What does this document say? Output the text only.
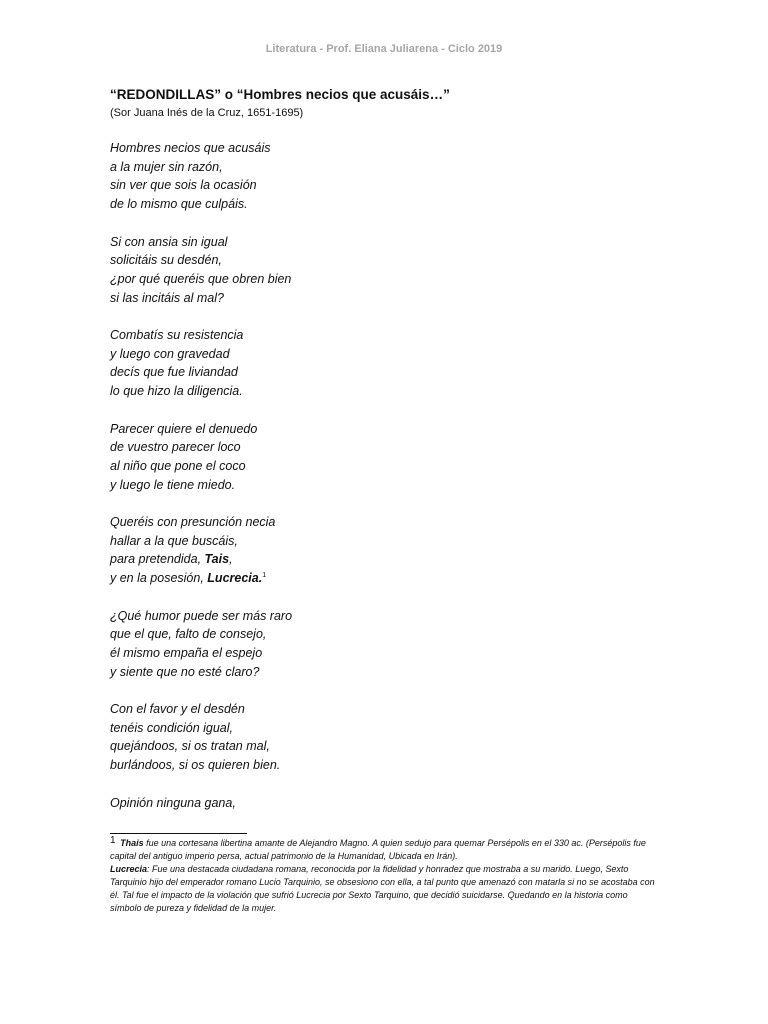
Literatura - Prof. Eliana Juliarena - Ciclo 2019
“REDONDILLAS” o “Hombres necios que acusáis…”
(Sor Juana Inés de la Cruz, 1651-1695)
Hombres necios que acusáis
a la mujer sin razón,
sin ver que sois la ocasión
de lo mismo que culpáis.
Si con ansia sin igual
solicitáis su desdén,
¿por qué queréis que obren bien
si las incitáis al mal?
Combatís su resistencia
y luego con gravedad
decís que fue liviandad
lo que hizo la diligencia.
Parecer quiere el denuedo
de vuestro parecer loco
al niño que pone el coco
y luego le tiene miedo.
Queréis con presunción necia
hallar a la que buscáis,
para pretendida, Tais,
y en la posesión, Lucrecia.$^1$
¿Qué humor puede ser más raro
que el que, falto de consejo,
él mismo empaña el espejo
y siente que no esté claro?
Con el favor y el desdén
tenéis condición igual,
quejándoos, si os tratan mal,
burlándoos, si os quieren bien.
Opinión ninguna gana,
1 Thais fue una cortesana libertina amante de Alejandro Magno. A quien sedujo para quemar Persépolis en el 330 ac. (Persépolis fue capital del antiguo imperio persa, actual patrimonio de la Humanidad, Ubicada en Irán).
Lucrecia: Fue una destacada ciudadana romana, reconocida por la fidelidad y honradez que mostraba a su marido. Luego, Sexto Tarquinio hijo del emperador romano Lucio Tarquinio, se obsesiono con ella, a tal punto que amenazó con matarla si no se acostaba con él. Tal fue el impacto de la violación que sufrió Lucrecia por Sexto Tarquino, que decidió suicidarse. Quedando en la historia como símbolo de pureza y fidelidad de la mujer.
